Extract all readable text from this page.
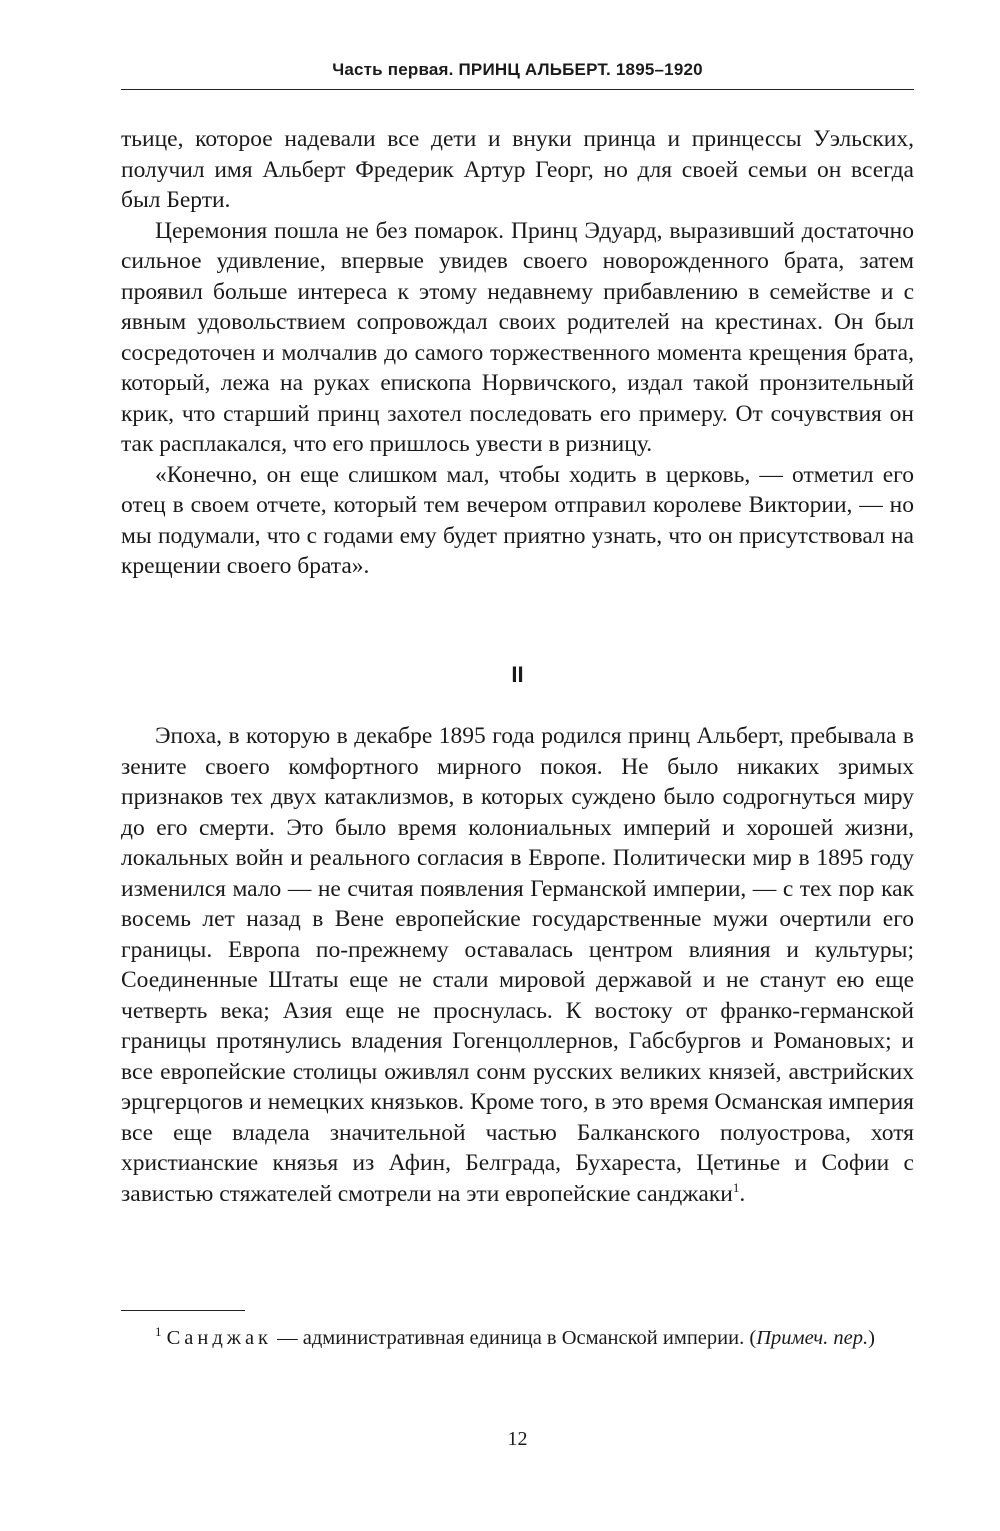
Часть первая. ПРИНЦ АЛЬБЕРТ. 1895–1920

тьице, которое надевали все дети и внуки принца и принцессы Уэльских, получил имя Альберт Фредерик Артур Георг, но для своей семьи он всегда был Берти.

Церемония пошла не без помарок. Принц Эдуард, выразивший достаточно сильное удивление, впервые увидев своего новорожденного брата, затем проявил больше интереса к этому недавнему прибавлению в семействе и с явным удовольствием сопровождал своих родителей на крестинах. Он был сосредоточен и молчалив до самого торжественного момента крещения брата, который, лежа на руках епископа Норвичского, издал такой пронзительный крик, что старший принц захотел последовать его примеру. От сочувствия он так расплакался, что его пришлось увести в ризницу.

«Конечно, он еще слишком мал, чтобы ходить в церковь, — отметил его отец в своем отчете, который тем вечером отправил королеве Виктории, — но мы подумали, что с годами ему будет приятно узнать, что он присутствовал на крещении своего брата».

II

Эпоха, в которую в декабре 1895 года родился принц Альберт, пребывала в зените своего комфортного мирного покоя. Не было никаких зримых признаков тех двух катаклизмов, в которых суждено было содрогнуться миру до его смерти. Это было время колониальных империй и хорошей жизни, локальных войн и реального согласия в Европе. Политически мир в 1895 году изменился мало — не считая появления Германской империи, — с тех пор как восемь лет назад в Вене европейские государственные мужи очертили его границы. Европа по-прежнему оставалась центром влияния и культуры; Соединенные Штаты еще не стали мировой державой и не станут ею еще четверть века; Азия еще не проснулась. К востоку от франко-германской границы протянулись владения Гогенцоллернов, Габсбургов и Романовых; и все европейские столицы оживлял сонм русских великих князей, австрийских эрцгерцогов и немецких князьков. Кроме того, в это время Османская империя все еще владела значительной частью Балканского полуострова, хотя христианские князья из Афин, Белграда, Бухареста, Цетинье и Софии с завистью стяжателей смотрели на эти европейские санджаки$^1$.

$^1$ Санджак — административная единица в Османской империи. (Примеч. пер.)

12
